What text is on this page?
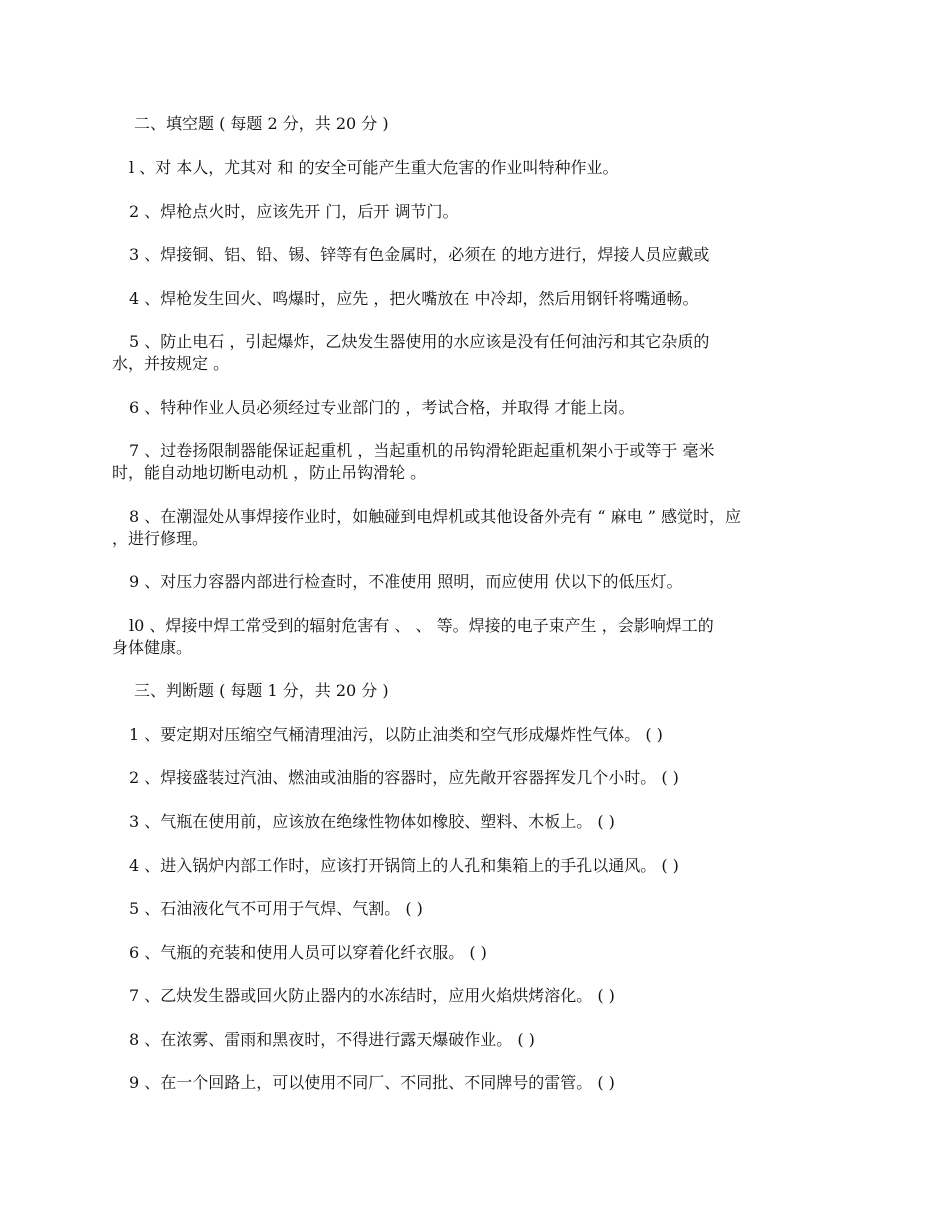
二、填空题 ( 每题 2 分，共 20 分 )
l 、对 本人，尤其对 和 的安全可能产生重大危害的作业叫特种作业。
2 、焊枪点火时，应该先开 门，后开 调节门。
3 、焊接铜、铝、铅、锡、锌等有色金属时，必须在 的地方进行，焊接人员应戴或
4 、焊枪发生回火、鸣爆时，应先 ，把火嘴放在 中冷却，然后用钢钎将嘴通畅。
5 、防止电石 ，引起爆炸，乙炔发生器使用的水应该是没有任何油污和其它杂质的
水，并按规定 。
6 、特种作业人员必须经过专业部门的 ，考试合格，并取得 才能上岗。
7 、过卷扬限制器能保证起重机 ，当起重机的吊钩滑轮距起重机架小于或等于 毫米
时，能自动地切断电动机 ，防止吊钩滑轮 。
8 、在潮湿处从事焊接作业时，如触碰到电焊机或其他设备外壳有 “ 麻电 ” 感觉时，应
，进行修理。
9 、对压力容器内部进行检查时，不准使用 照明，而应使用 伏以下的低压灯。
l0 、焊接中焊工常受到的辐射危害有 、 、 等。焊接的电子束产生 ，会影响焊工的
身体健康。
三、判断题 ( 每题 1 分，共 20 分 )
1 、要定期对压缩空气桶清理油污，以防止油类和空气形成爆炸性气体。 ( )
2 、焊接盛装过汽油、燃油或油脂的容器时，应先敞开容器挥发几个小时。 ( )
3 、气瓶在使用前，应该放在绝缘性物体如橡胶、塑料、木板上。 ( )
4 、进入锅炉内部工作时，应该打开锅筒上的人孔和集箱上的手孔以通风。 ( )
5 、石油液化气不可用于气焊、气割。 ( )
6 、气瓶的充装和使用人员可以穿着化纤衣服。 ( )
7 、乙炔发生器或回火防止器内的水冻结时，应用火焰烘烤溶化。 ( )
8 、在浓雾、雷雨和黑夜时，不得进行露天爆破作业。 ( )
9 、在一个回路上，可以使用不同厂、不同批、不同牌号的雷管。 ( )
